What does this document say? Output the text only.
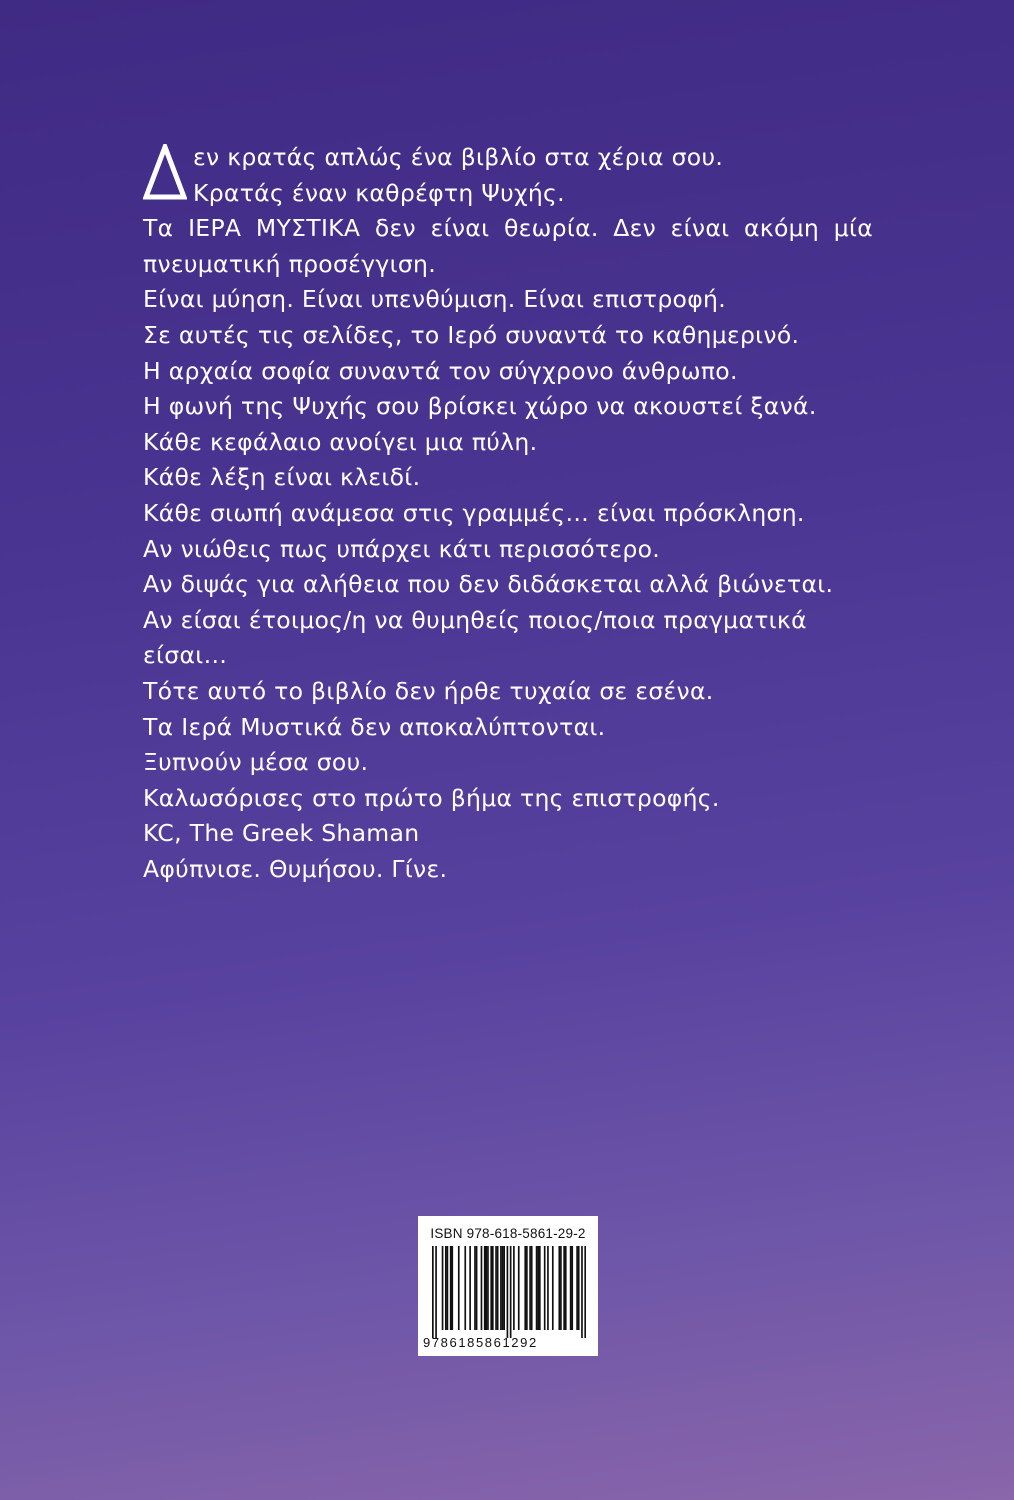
εν κρατάς απλώς ένα βιβλίο στα χέρια σου.
Κρατάς έναν καθρέφτη Ψυχής.
Τα ΙΕΡΑ ΜΥΣΤΙΚΑ δεν είναι θεωρία. Δεν είναι ακόμη μία
πνευματική προσέγγιση.
Είναι μύηση. Είναι υπενθύμιση. Είναι επιστροφή.
Σε αυτές τις σελίδες, το Ιερό συναντά το καθημερινό.
Η αρχαία σοφία συναντά τον σύγχρονο άνθρωπο.
Η φωνή της Ψυχής σου βρίσκει χώρο να ακουστεί ξανά.
Κάθε κεφάλαιο ανοίγει μια πύλη.
Κάθε λέξη είναι κλειδί.
Κάθε σιωπή ανάμεσα στις γραμμές… είναι πρόσκληση.
Αν νιώθεις πως υπάρχει κάτι περισσότερο.
Αν διψάς για αλήθεια που δεν διδάσκεται αλλά βιώνεται.
Αν είσαι έτοιμος/η να θυμηθείς ποιος/ποια πραγματικά
είσαι…
Τότε αυτό το βιβλίο δεν ήρθε τυχαία σε εσένα.
Τα Ιερά Μυστικά δεν αποκαλύπτονται.
Ξυπνούν μέσα σου.
Καλωσόρισες στο πρώτο βήμα της επιστροφής.
KC, The Greek Shaman
Αφύπνισε. Θυμήσου. Γίνε.
ISBN 978-618-5861-29-2
9786185861292
